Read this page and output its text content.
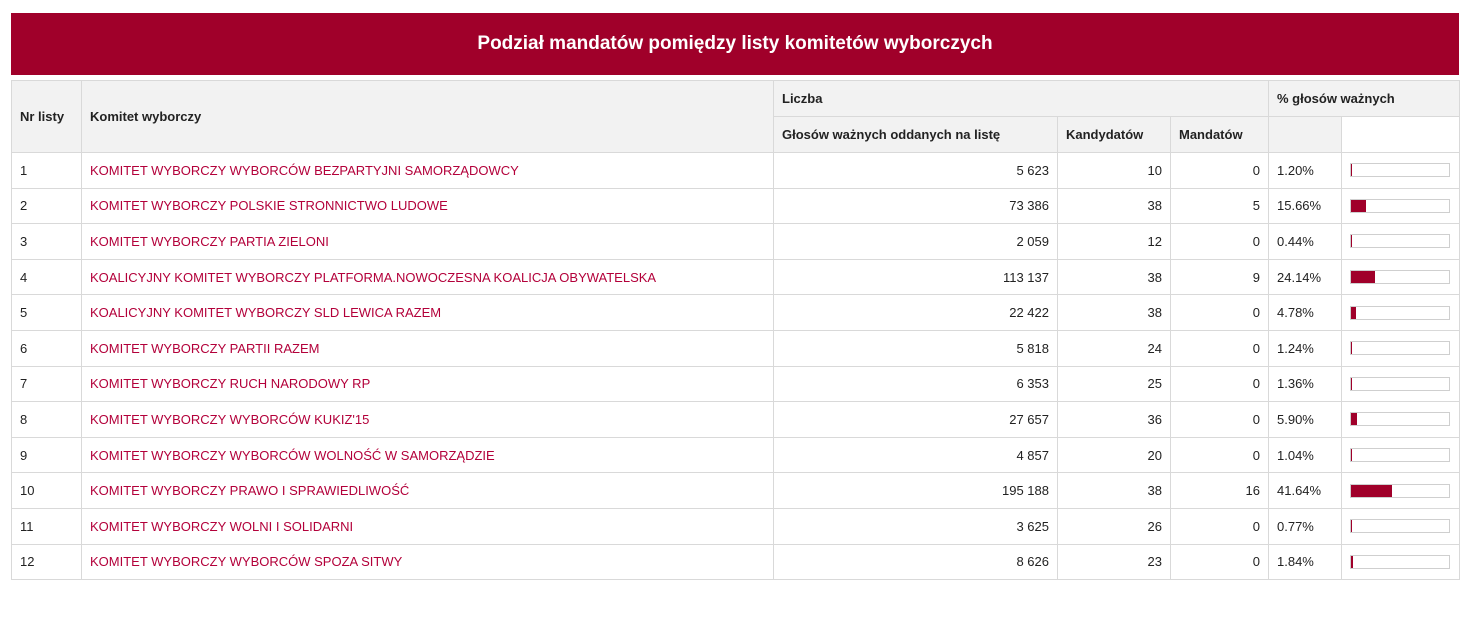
Podział mandatów pomiędzy listy komitetów wyborczych
Nr listy	Komitet wyborczy	Liczba			% głosów ważnych	
		Głosów ważnych oddanych na listę	Kandydatów	Mandatów		
1	KOMITET WYBORCZY WYBORCÓW BEZPARTYJNI SAMORZĄDOWCY	5 623	10	0	1.20%	

2	KOMITET WYBORCZY POLSKIE STRONNICTWO LUDOWE	73 386	38	5	15.66%	

3	KOMITET WYBORCZY PARTIA ZIELONI	2 059	12	0	0.44%	

4	KOALICYJNY KOMITET WYBORCZY PLATFORMA.NOWOCZESNA KOALICJA OBYWATELSKA	113 137	38	9	24.14%	

5	KOALICYJNY KOMITET WYBORCZY SLD LEWICA RAZEM	22 422	38	0	4.78%	

6	KOMITET WYBORCZY PARTII RAZEM	5 818	24	0	1.24%	

7	KOMITET WYBORCZY RUCH NARODOWY RP	6 353	25	0	1.36%	

8	KOMITET WYBORCZY WYBORCÓW KUKIZ'15	27 657	36	0	5.90%	

9	KOMITET WYBORCZY WYBORCÓW WOLNOŚĆ W SAMORZĄDZIE	4 857	20	0	1.04%	

10	KOMITET WYBORCZY PRAWO I SPRAWIEDLIWOŚĆ	195 188	38	16	41.64%	

11	KOMITET WYBORCZY WOLNI I SOLIDARNI	3 625	26	0	0.77%	

12	KOMITET WYBORCZY WYBORCÓW SPOZA SITWY	8 626	23	0	1.84%	
